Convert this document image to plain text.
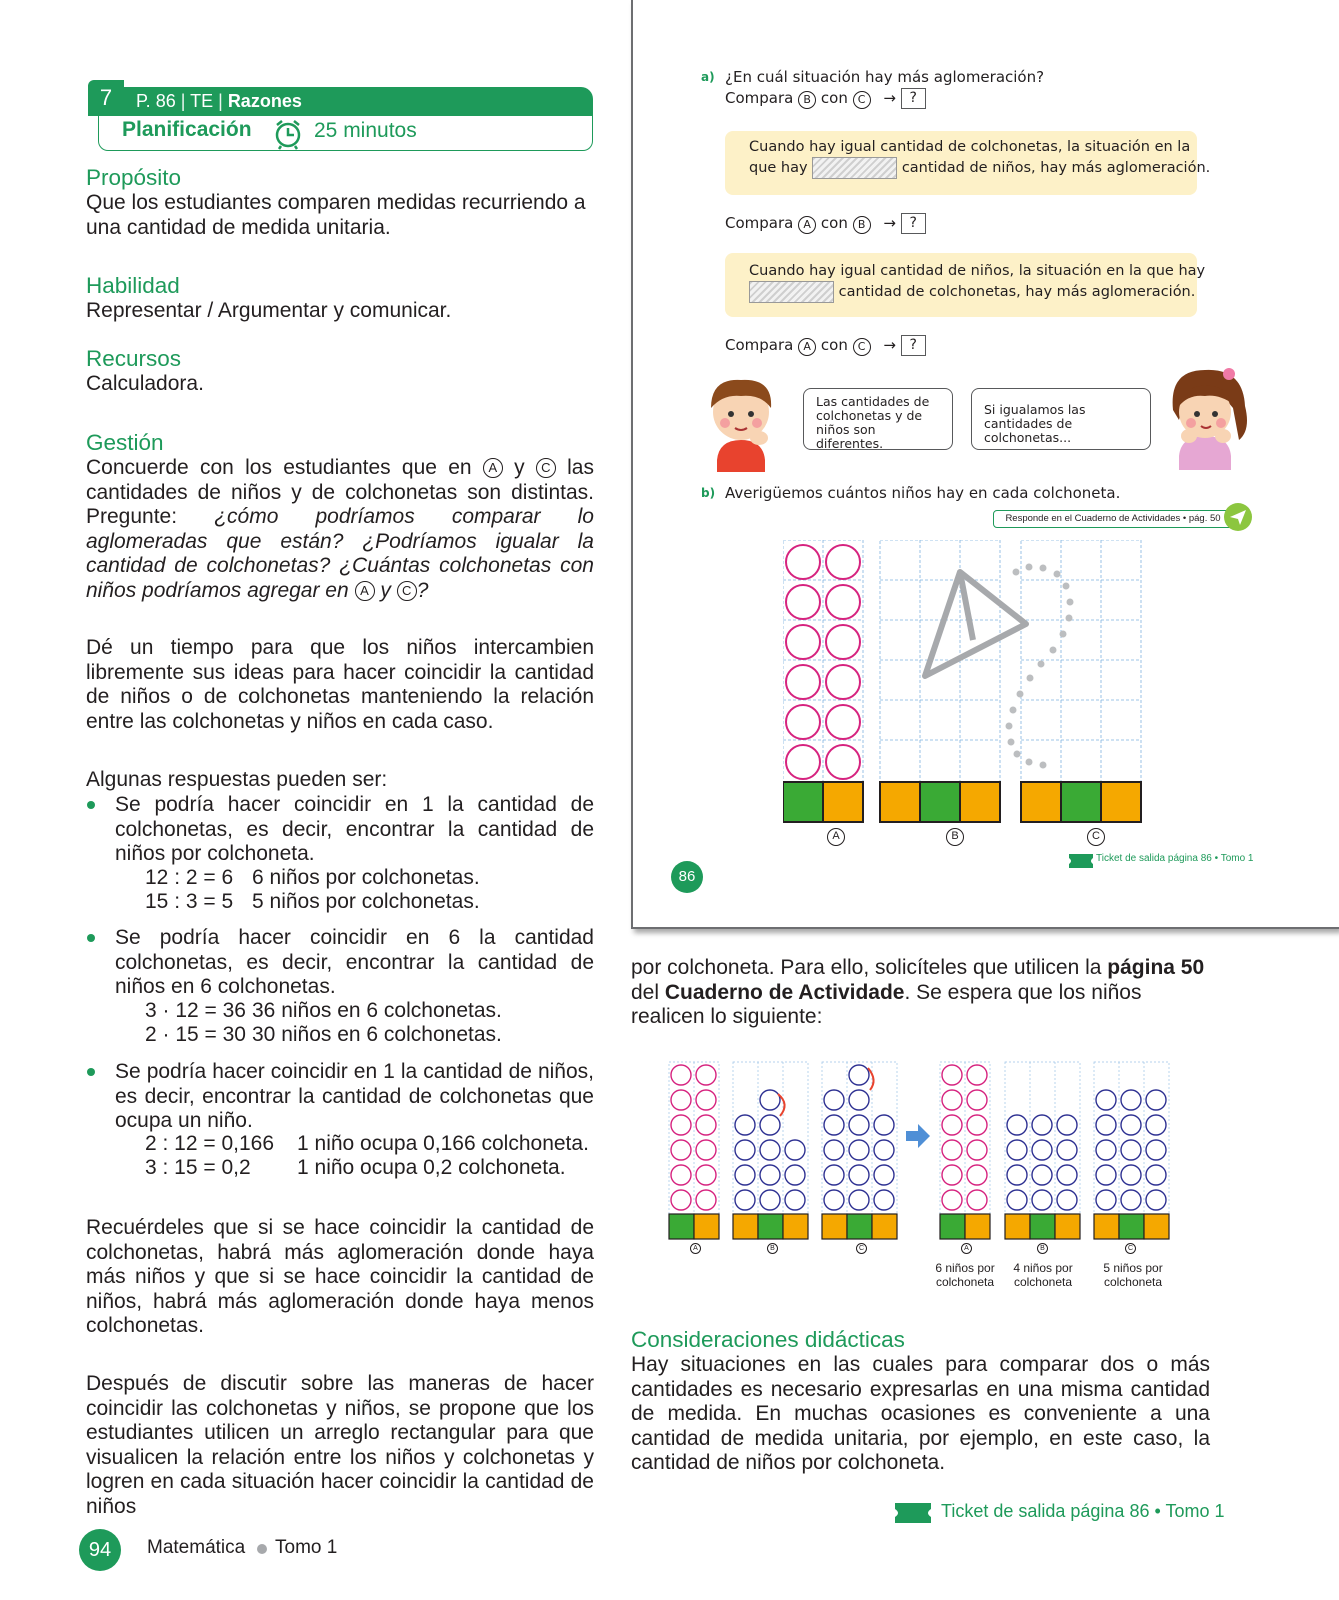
7	P. 86 | TE | Razones
Planificación	25 minutos
Propósito
Que los estudiantes comparen medidas recurriendo a una cantidad de medida unitaria.
Habilidad
Representar / Argumentar y comunicar.
Recursos
Calculadora.
Gestión
Concuerde con los estudiantes que en A y C las cantidades de niños y de colchonetas son distintas. Pregunte: ¿cómo podríamos comparar lo aglomeradas que están? ¿Podríamos igualar la cantidad de colchonetas? ¿Cuántas colchonetas con niños podríamos agregar en A y C ?
Dé un tiempo para que los niños intercambien libremente sus ideas para hacer coincidir la cantidad de niños o de colchonetas manteniendo la relación entre las colchonetas y niños en cada caso.
Algunas respuestas pueden ser:
Se podría hacer coincidir en 1 la cantidad de colchonetas, es decir, encontrar la cantidad de niños por colchoneta.
12 : 2 = 6 6 niños por colchonetas.
15 : 3 = 5 5 niños por colchonetas.
Se podría hacer coincidir en 6 la cantidad colchonetas, es decir, encontrar la cantidad de niños en 6 colchonetas.
3 · 12 = 36 36 niños en 6 colchonetas.
2 · 15 = 30 30 niños en 6 colchonetas.
Se podría hacer coincidir en 1 la cantidad de niños, es decir, encontrar la cantidad de colchonetas que ocupa un niño.
2 : 12 = 0,166 1 niño ocupa 0,166 colchoneta.
3 : 15 = 0,2 1 niño ocupa 0,2 colchoneta.
Recuérdeles que si se hace coincidir la cantidad de colchonetas, habrá más aglomeración donde haya más niños y que si se hace coincidir la cantidad de niños, habrá más aglomeración donde haya menos colchonetas.
Después de discutir sobre las maneras de hacer coincidir las colchonetas y niños, se propone que los estudiantes utilicen un arreglo rectangular para que visualicen la relación entre los niños y colchonetas y logren en cada situación hacer coincidir la cantidad de niños
a) ¿En cuál situación hay más aglomeración?
Compara B con C → ?
Cuando hay igual cantidad de colchonetas, la situación en la
que hay	cantidad de niños, hay más aglomeración.
Compara A con B → ?
Cuando hay igual cantidad de niños, la situación en la que hay
cantidad de colchonetas, hay más aglomeración.
Compara A con C → ?
Las cantidades de colchonetas y de niños son diferentes.
Si igualamos las cantidades de colchonetas...
b) Averigüemos cuántos niños hay en cada colchoneta.
Responde en el Cuaderno de Actividades • pág. 50
A	B	C
Ticket de salida página 86 • Tomo 1
86
por colchoneta. Para ello, solicíteles que utilicen la página 50 del Cuaderno de Actividade. Se espera que los niños realicen lo siguiente:
A	B	C	A	B	C
6 niños por colchoneta
4 niños por colchoneta
5 niños por colchoneta
Consideraciones didácticas
Hay situaciones en las cuales para comparar dos o más cantidades es necesario expresarlas en una misma cantidad de medida. En muchas ocasiones es conveniente a una cantidad de medida unitaria, por ejemplo, en este caso, la cantidad de niños por colchoneta.
Ticket de salida página 86 • Tomo 1
94	Matemática Tomo 1
